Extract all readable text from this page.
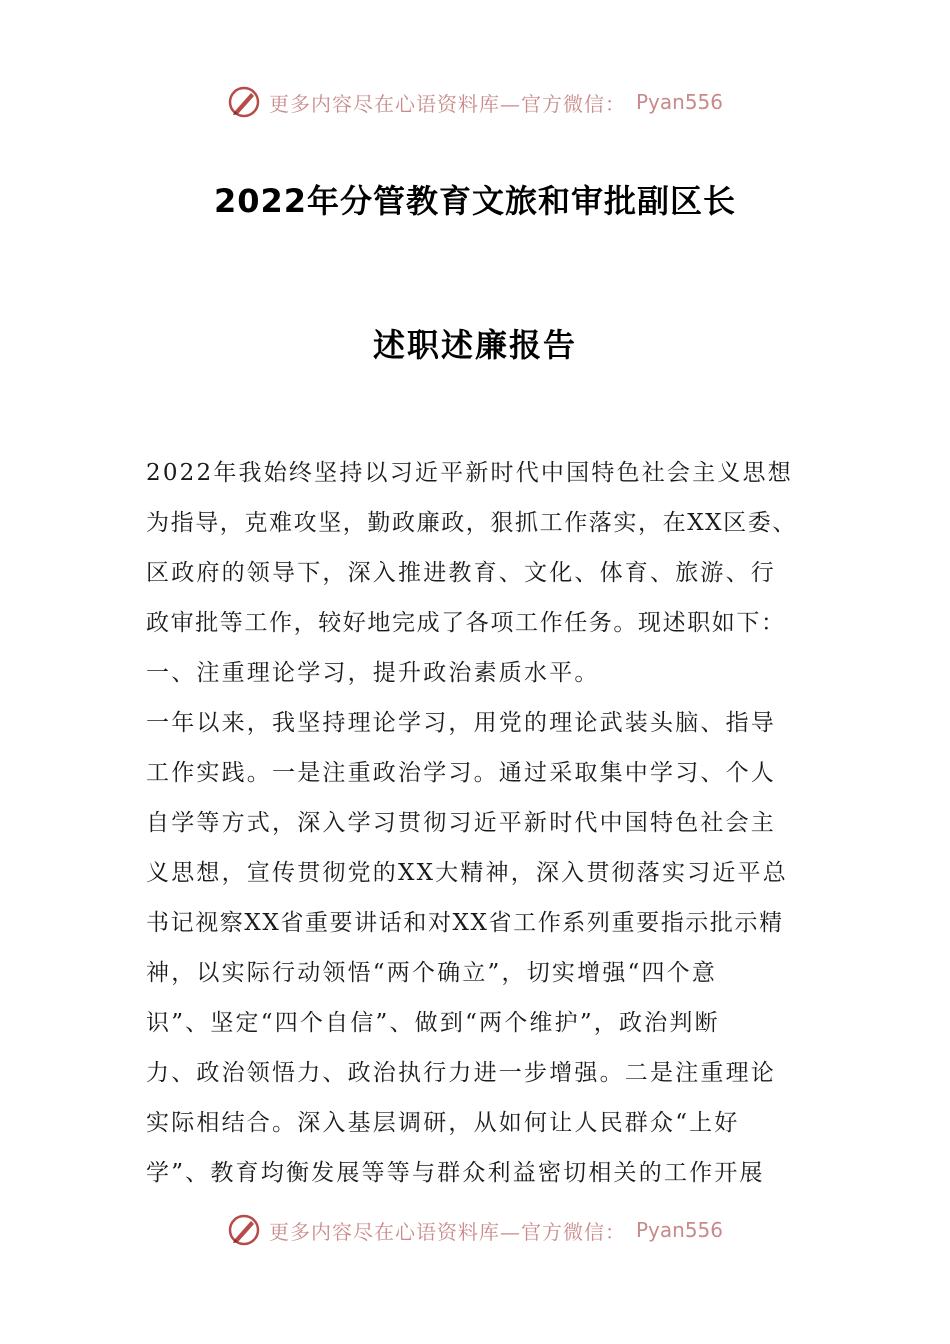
更多内容尽在心语资料库—官方微信： Pyan556
2022年分管教育文旅和审批副区长
述职述廉报告
2022年我始终坚持以习近平新时代中国特色社会主义思想
为指导，克难攻坚，勤政廉政，狠抓工作落实，在XX区委、
区政府的领导下，深入推进教育、文化、体育、旅游、行
政审批等工作，较好地完成了各项工作任务。现述职如下：
一、注重理论学习，提升政治素质水平。
一年以来，我坚持理论学习，用党的理论武装头脑、指导
工作实践。一是注重政治学习。通过采取集中学习、个人
自学等方式，深入学习贯彻习近平新时代中国特色社会主
义思想，宣传贯彻党的XX大精神，深入贯彻落实习近平总
书记视察XX省重要讲话和对XX省工作系列重要指示批示精
神，以实际行动领悟“两个确立”，切实增强“四个意
识”、坚定“四个自信”、做到“两个维护”，政治判断
力、政治领悟力、政治执行力进一步增强。二是注重理论
实际相结合。深入基层调研，从如何让人民群众“上好
学”、教育均衡发展等等与群众利益密切相关的工作开展
更多内容尽在心语资料库—官方微信： Pyan556
